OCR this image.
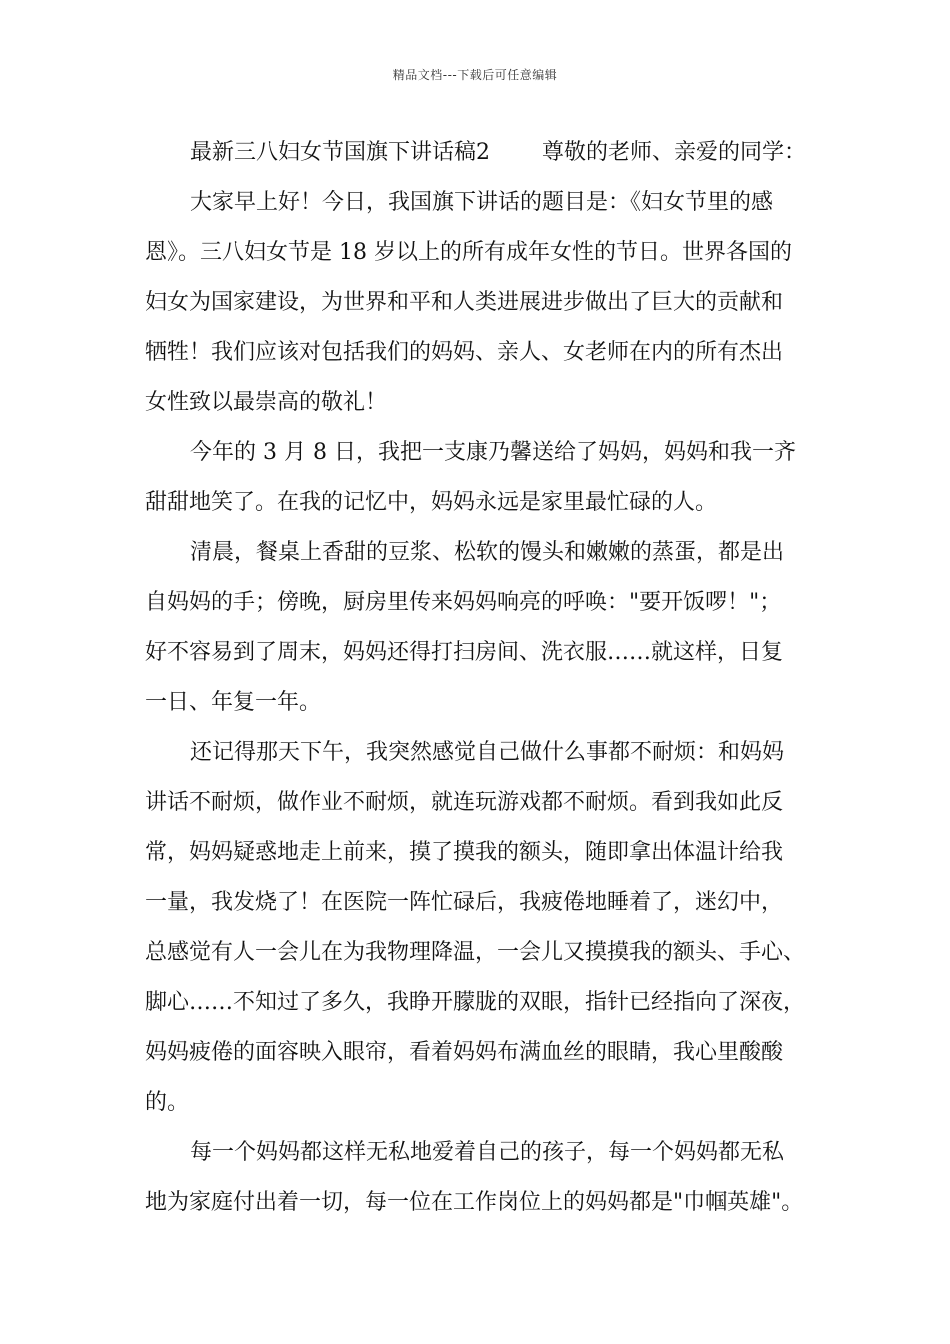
精品文档---下载后可任意编辑
最新三八妇女节国旗下讲话稿2 尊敬的老师、亲爱的同学：
大家早上好！今日，我国旗下讲话的题目是：《妇女节里的感
恩》。三八妇女节是 18 岁以上的所有成年女性的节日。世界各国的
妇女为国家建设，为世界和平和人类进展进步做出了巨大的贡献和
牺牲！我们应该对包括我们的妈妈、亲人、女老师在内的所有杰出
女性致以最崇高的敬礼！
今年的 3 月 8 日，我把一支康乃馨送给了妈妈，妈妈和我一齐
甜甜地笑了。在我的记忆中，妈妈永远是家里最忙碌的人。
清晨，餐桌上香甜的豆浆、松软的馒头和嫩嫩的蒸蛋，都是出
自妈妈的手；傍晚，厨房里传来妈妈响亮的呼唤："要开饭啰！"；
好不容易到了周末，妈妈还得打扫房间、洗衣服……就这样，日复
一日、年复一年。
还记得那天下午，我突然感觉自己做什么事都不耐烦：和妈妈
讲话不耐烦，做作业不耐烦，就连玩游戏都不耐烦。看到我如此反
常，妈妈疑惑地走上前来，摸了摸我的额头，随即拿出体温计给我
一量，我发烧了！在医院一阵忙碌后，我疲倦地睡着了，迷幻中，
总感觉有人一会儿在为我物理降温，一会儿又摸摸我的额头、手心、
脚心……不知过了多久，我睁开朦胧的双眼，指针已经指向了深夜，
妈妈疲倦的面容映入眼帘，看着妈妈布满血丝的眼睛，我心里酸酸
的。
每一个妈妈都这样无私地爱着自己的孩子，每一个妈妈都无私
地为家庭付出着一切，每一位在工作岗位上的妈妈都是"巾帼英雄"。
